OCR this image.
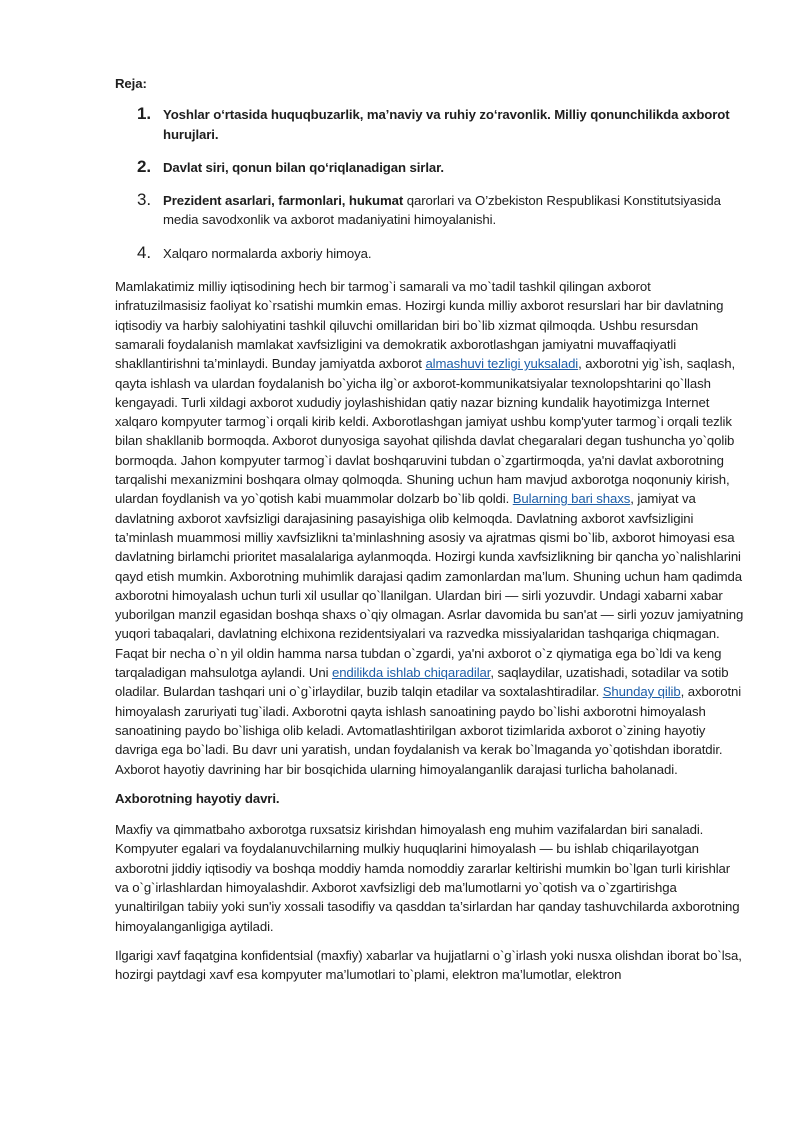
Reja:
1. Yoshlar o‘rtasida huquqbuzarlik, ma’naviy va ruhiy zo‘ravonlik. Milliy qonunchilikda axborot hurujlari.
2. Davlat siri, qonun bilan qo‘riqlanadigan sirlar.
3. Prezident asarlari, farmonlari, hukumat qarorlari va O’zbekiston Respublikasi Konstitutsiyasida media savodxonlik va axborot madaniyatini himoyalanishi.
4. Xalqaro normalarda axboriy himoya.

Mamlakatimiz milliy iqtisodining hech bir tarmog`i samarali va mo`tadil tashkil qilingan axborot infratuzilmasisiz faoliyat ko`rsatishi mumkin emas. Hozirgi kunda milliy axborot resurslari har bir davlatning iqtisodiy va harbiy salohiyatini tashkil qiluvchi omillaridan biri bo`lib xizmat qilmoqda. Ushbu resursdan samarali foydalanish mamlakat xavfsizligini va demokratik axborotlashgan jamiyatni muvaffaqiyatli shakllantirishni ta’minlaydi. Bunday jamiyatda axborot almashuvi tezligi yuksaladi, axborotni yig`ish, saqlash, qayta ishlash va ulardan foydalanish bo`yicha ilg`or axborot-kommunikatsiyalar texnolopshtarini qo`llash kengayadi. Turli xildagi axborot xududiy joylashishidan qatiy nazar bizning kundalik hayotimizga Internet xalqaro kompyuter tarmog`i orqali kirib keldi. Axborotlashgan jamiyat ushbu komp'yuter tarmog`i orqali tezlik bilan shakllanib bormoqda. Axborot dunyosiga sayohat qilishda davlat chegaralari degan tushuncha yo`qolib bormoqda. Jahon kompyuter tarmog`i davlat boshqaruvini tubdan o`zgartirmoqda, ya'ni davlat axborotning tarqalishi mexanizmini boshqara olmay qolmoqda. Shuning uchun ham mavjud axborotga noqonuniy kirish, ulardan foydlanish va yo`qotish kabi muammolar dolzarb bo`lib qoldi. Bularning bari shaxs, jamiyat va davlatning axborot xavfsizligi darajasining pasayishiga olib kelmoqda. Davlatning axborot xavfsizligini ta’minlash muammosi milliy xavfsizlikni ta’minlashning asosiy va ajratmas qismi bo`lib, axborot himoyasi esa davlatning birlamchi prioritet masalalariga aylanmoqda. Hozirgi kunda xavfsizlikning bir qancha yo`nalishlarini qayd etish mumkin. Axborotning muhimlik darajasi qadim zamonlardan ma’lum. Shuning uchun ham qadimda axborotni himoyalash uchun turli xil usullar qo`llanilgan. Ulardan biri — sirli yozuvdir. Undagi xabarni xabar yuborilgan manzil egasidan boshqa shaxs o`qiy olmagan. Asrlar davomida bu san'at — sirli yozuv jamiyatning yuqori tabaqalari, davlatning elchixona rezidentsiyalari va razvedka missiyalaridan tashqariga chiqmagan. Faqat bir necha o`n yil oldin hamma narsa tubdan o`zgardi, ya'ni axborot o`z qiymatiga ega bo`ldi va keng tarqaladigan mahsulotga aylandi. Uni endilikda ishlab chiqaradilar, saqlaydilar, uzatishadi, sotadilar va sotib oladilar. Bulardan tashqari uni o`g`irlaydilar, buzib talqin etadilar va soxtalashtiradilar. Shunday qilib, axborotni himoyalash zaruriyati tug`iladi. Axborotni qayta ishlash sanoatining paydo bo`lishi axborotni himoyalash sanoatining paydo bo`lishiga olib keladi. Avtomatlashtirilgan axborot tizimlarida axborot o`zining hayotiy davriga ega bo`ladi. Bu davr uni yaratish, undan foydalanish va kerak bo`lmaganda yo`qotishdan iboratdir. Axborot hayotiy davrining har bir bosqichida ularning himoyalanganlik darajasi turlicha baholanadi.

Axborotning hayotiy davri.

Maxfiy va qimmatbaho axborotga ruxsatsiz kirishdan himoyalash eng muhim vazifalardan biri sanaladi. Kompyuter egalari va foydalanuvchilarning mulkiy huquqlarini himoyalash — bu ishlab chiqarilayotgan axborotni jiddiy iqtisodiy va boshqa moddiy hamda nomoddiy zararlar keltirishi mumkin bo`lgan turli kirishlar va o`g`irlashlardan himoyalashdir. Axborot xavfsizligi deb ma’lumotlarni yo`qotish va o`zgartirishga yunaltirilgan tabiiy yoki sun'iy xossali tasodifiy va qasddan ta’sirlardan har qanday tashuvchilarda axborotning himoyalanganligiga aytiladi.

Ilgarigi xavf faqatgina konfidentsial (maxfiy) xabarlar va hujjatlarni o`g`irlash yoki nusxa olishdan iborat bo`lsa, hozirgi paytdagi xavf esa kompyuter ma’lumotlari to`plami, elektron ma’lumotlar, elektron
